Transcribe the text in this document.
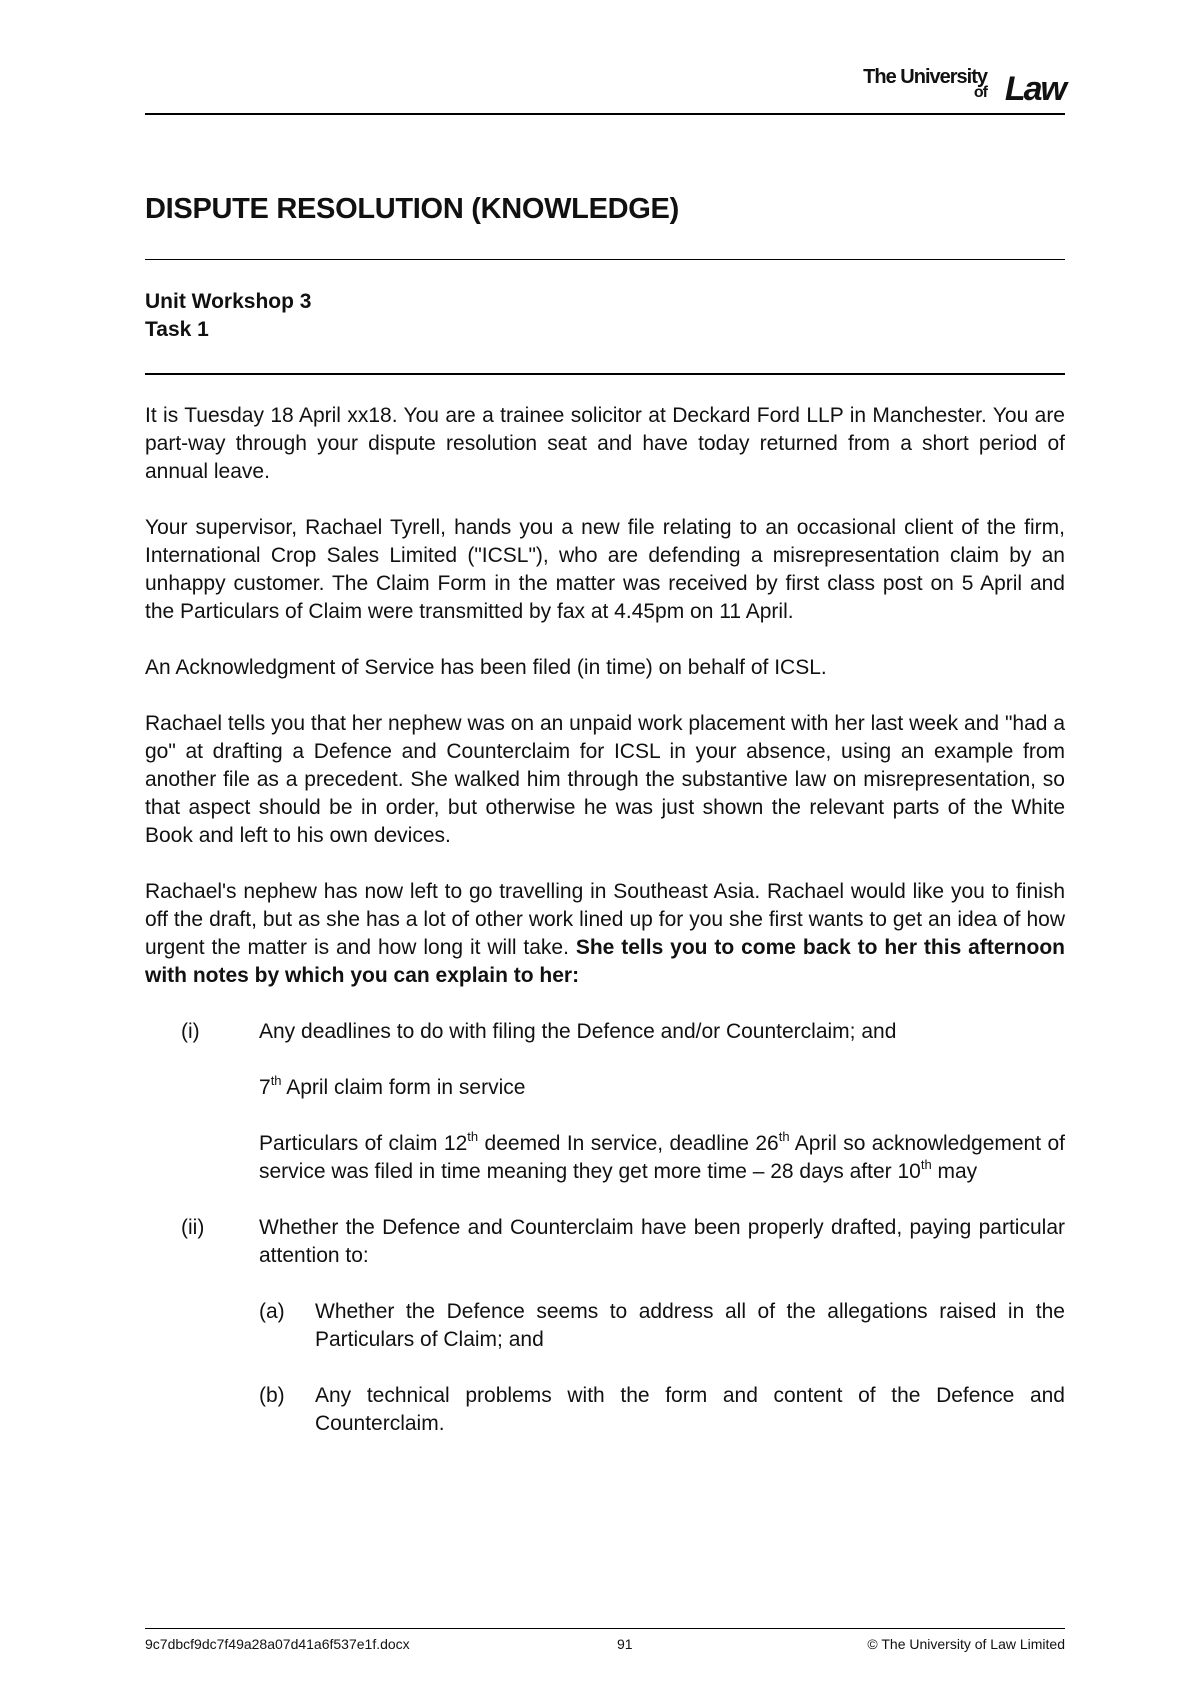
The University
of Law
DISPUTE RESOLUTION (KNOWLEDGE)
Unit Workshop 3
Task 1

It is Tuesday 18 April xx18. You are a trainee solicitor at Deckard Ford LLP in Manchester. You are part-way through your dispute resolution seat and have today returned from a short period of annual leave.

Your supervisor, Rachael Tyrell, hands you a new file relating to an occasional client of the firm, International Crop Sales Limited ("ICSL"), who are defending a misrepresentation claim by an unhappy customer. The Claim Form in the matter was received by first class post on 5 April and the Particulars of Claim were transmitted by fax at 4.45pm on 11 April.

An Acknowledgment of Service has been filed (in time) on behalf of ICSL.

Rachael tells you that her nephew was on an unpaid work placement with her last week and "had a go" at drafting a Defence and Counterclaim for ICSL in your absence, using an example from another file as a precedent. She walked him through the substantive law on misrepresentation, so that aspect should be in order, but otherwise he was just shown the relevant parts of the White Book and left to his own devices.

Rachael's nephew has now left to go travelling in Southeast Asia. Rachael would like you to finish off the draft, but as she has a lot of other work lined up for you she first wants to get an idea of how urgent the matter is and how long it will take. She tells you to come back to her this afternoon with notes by which you can explain to her:

(i)	Any deadlines to do with filing the Defence and/or Counterclaim; and
7th April claim form in service
Particulars of claim 12th deemed In service, deadline 26th April so acknowledgement of service was filed in time meaning they get more time – 28 days after 10th may
(ii)	Whether the Defence and Counterclaim have been properly drafted, paying particular attention to:
(a)	Whether the Defence seems to address all of the allegations raised in the Particulars of Claim; and
(b)	Any technical problems with the form and content of the Defence and Counterclaim.
9c7dbcf9dc7f49a28a07d41a6f537e1f.docx	91	© The University of Law Limited
